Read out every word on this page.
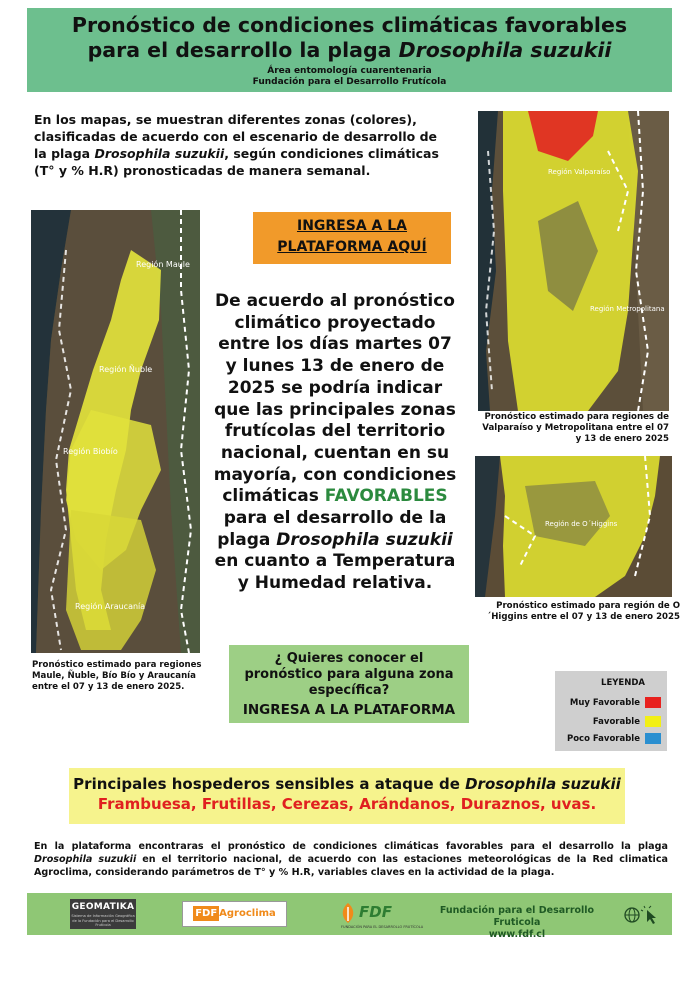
Pronóstico de condiciones climáticas favorables
para el desarrollo la plaga Drosophila suzukii
Área entomología cuarentenaria
Fundación para el Desarrollo Frutícola
En los mapas, se muestran diferentes zonas (colores), clasificadas de acuerdo con el escenario de desarrollo de la plaga Drosophila suzukii, según condiciones climáticas (T° y % H.R) pronosticadas de manera semanal.
Región Maule
Región Ñuble
Región Biobío
Región Araucanía
Pronóstico estimado para regiones Maule, Ñuble, Bío Bío y Araucanía entre el 07 y 13 de enero 2025.
Región Valparaíso
Región Metropolitana
Pronóstico estimado para regiones de Valparaíso y Metropolitana entre el 07 y 13 de enero 2025
Región de O´Higgins
Pronóstico estimado para región de O´Higgins entre el 07 y 13 de enero 2025
INGRESA A LA
PLATAFORMA AQUÍ
De acuerdo al pronóstico climático proyectado entre los días martes 07 y lunes 13 de enero de 2025 se podría indicar que las principales zonas frutícolas del territorio nacional, cuentan en su mayoría, con condiciones climáticas FAVORABLES para el desarrollo de la plaga Drosophila suzukii en cuanto a Temperatura y Humedad relativa.
¿ Quieres conocer el pronóstico para alguna zona específica?
INGRESA A LA PLATAFORMA
LEYENDA
Muy Favorable
Favorable
Poco Favorable
Principales hospederos sensibles a ataque de Drosophila suzukii
Frambuesa, Frutillas, Cerezas, Arándanos, Duraznos, uvas.
En la plataforma encontraras el pronóstico de condiciones climáticas favorables para el desarrollo la plaga Drosophila suzukii en el territorio nacional, de acuerdo con las estaciones meteorológicas de la Red climatica Agroclima, considerando parámetros de T° y % H.R, variables claves en la actividad de la plaga.
GEOMATIKA
Sistema de Información Geográfica de la Fundación para el Desarrollo Frutícola
FDF Agroclima	FDF
FUNDACIÓN PARA EL DESARROLLO FRUTÍCOLA
Fundación para el Desarrollo Fruticola
www.fdf.cl
